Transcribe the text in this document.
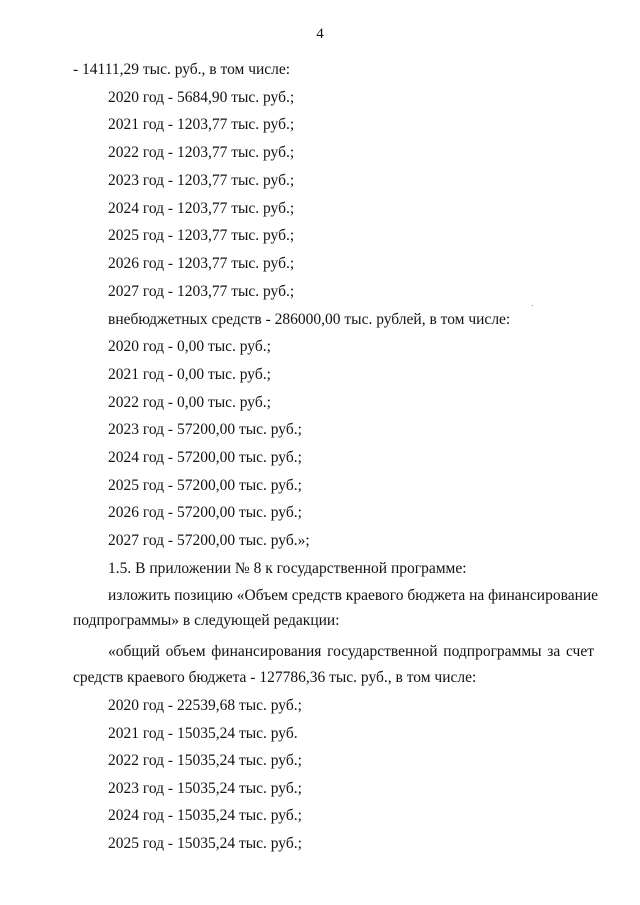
4
- 14111,29 тыс. руб., в том числе:
2020 год - 5684,90 тыс. руб.;
2021 год - 1203,77 тыс. руб.;
2022 год - 1203,77 тыс. руб.;
2023 год - 1203,77 тыс. руб.;
2024 год - 1203,77 тыс. руб.;
2025 год - 1203,77 тыс. руб.;
2026 год - 1203,77 тыс. руб.;
2027 год - 1203,77 тыс. руб.;
внебюджетных средств - 286000,00 тыс. рублей, в том числе:
2020 год - 0,00 тыс. руб.;
2021 год - 0,00 тыс. руб.;
2022 год - 0,00 тыс. руб.;
2023 год - 57200,00 тыс. руб.;
2024 год - 57200,00 тыс. руб.;
2025 год - 57200,00 тыс. руб.;
2026 год - 57200,00 тыс. руб.;
2027 год - 57200,00 тыс. руб.»;
1.5. В приложении № 8 к государственной программе:
изложить позицию «Объем средств краевого бюджета на финансирование
подпрограммы» в следующей редакции:
«общий объем финансирования государственной подпрограммы за счет
средств краевого бюджета - 127786,36 тыс. руб., в том числе:
2020 год - 22539,68 тыс. руб.;
2021 год - 15035,24 тыс. руб.
2022 год - 15035,24 тыс. руб.;
2023 год - 15035,24 тыс. руб.;
2024 год - 15035,24 тыс. руб.;
2025 год - 15035,24 тыс. руб.;
